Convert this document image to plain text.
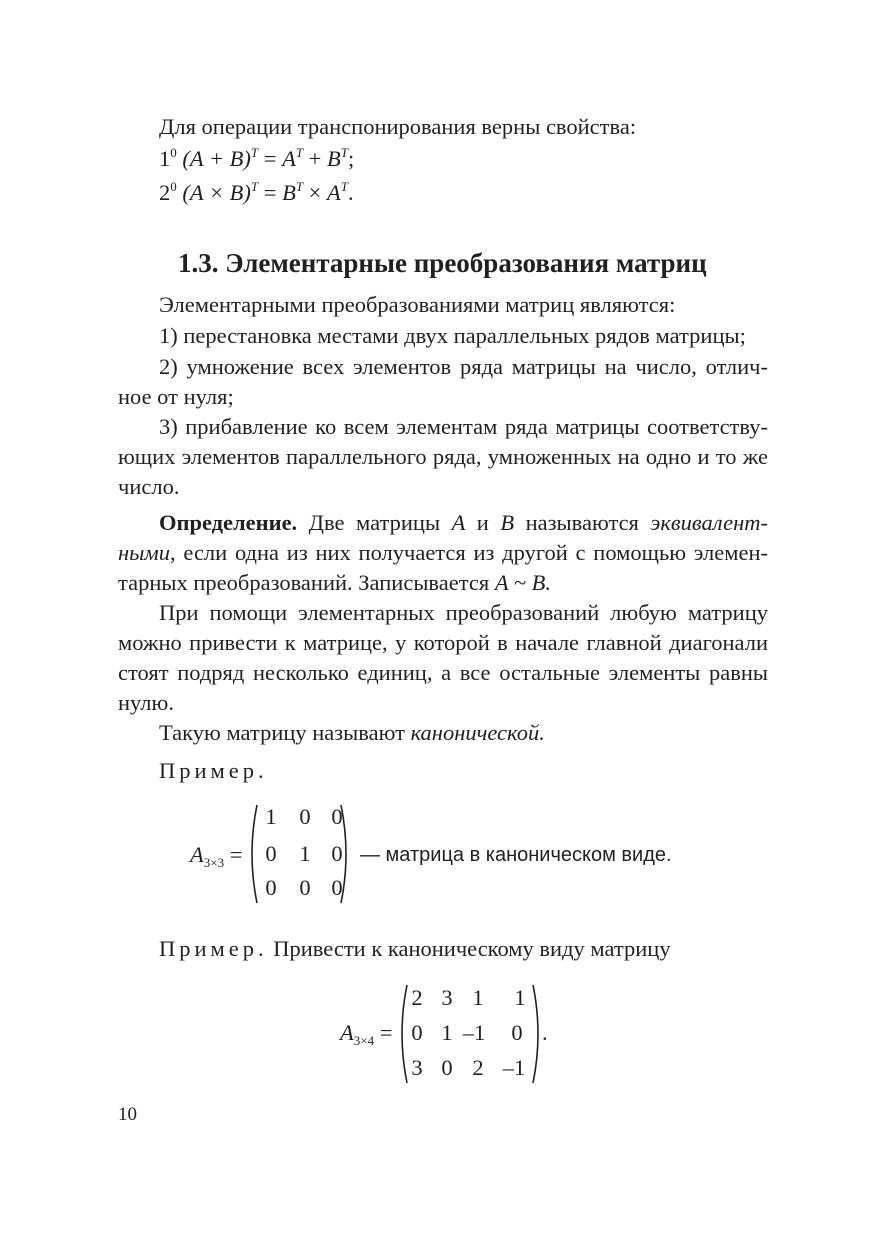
Для операции транспонирования верны свойства:
$1^0$ $(A + B)^T = A^T + B^T$;
$2^0$ $(A \times B)^T = B^T \times A^T$.
1.3. Элементарные преобразования матриц
Элементарными преобразованиями матриц являются:
1) перестановка местами двух параллельных рядов матрицы;
2) умножение всех элементов ряда матрицы на число, отлич-
ное от нуля;
3) прибавление ко всем элементам ряда матрицы соответству-
ющих элементов параллельного ряда, умноженных на одно и то же
число.
Определение. Две матрицы A и B называются эквивалент-
ными, если одна из них получается из другой с помощью элемен-
тарных преобразований. Записывается A ~ B.
При помощи элементарных преобразований любую матрицу
можно привести к матрице, у которой в начале главной диагонали
стоят подряд несколько единиц, а все остальные элементы равны
нулю.
Такую матрицу называют канонической.
Пример.
$A_{3\times 3}$ =
1	0 0
0	1 0
0	0 0
— матрица в каноническом виде.
Пример. Привести к каноническому виду матрицу
$A_{3\times 4}$ =
2 3 1	1
0 1 –1	0
3 0 2 –1
.
10
